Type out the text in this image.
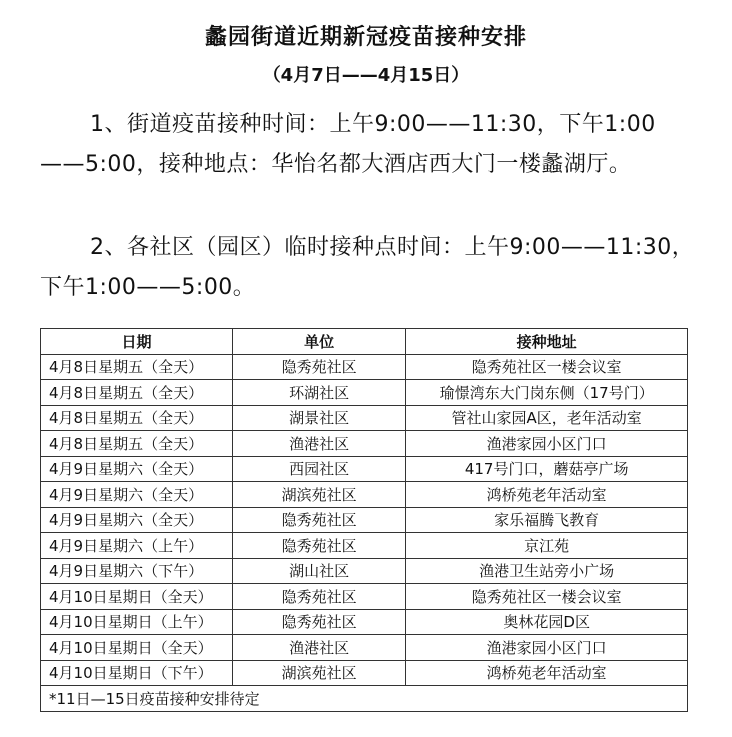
蠡园街道近期新冠疫苗接种安排
（4月7日——4月15日）
1、街道疫苗接种时间：上午9:00——11:30，下午1:00——5:00，接种地点：华怡名都大酒店西大门一楼蠡湖厅。
2、各社区（园区）临时接种点时间：上午9:00——11:30，下午1:00——5:00。
日期	单位	接种地址
4月8日星期五（全天）	隐秀苑社区	隐秀苑社区一楼会议室
4月8日星期五（全天）	环湖社区	瑜憬湾东大门岗东侧（17号门）
4月8日星期五（全天）	湖景社区	管社山家园A区，老年活动室
4月8日星期五（全天）	渔港社区	渔港家园小区门口
4月9日星期六（全天）	西园社区	417号门口，蘑菇亭广场
4月9日星期六（全天）	湖滨苑社区	鸿桥苑老年活动室
4月9日星期六（全天）	隐秀苑社区	家乐福腾飞教育
4月9日星期六（上午）	隐秀苑社区	京江苑
4月9日星期六（下午）	湖山社区	渔港卫生站旁小广场
4月10日星期日（全天）	隐秀苑社区	隐秀苑社区一楼会议室
4月10日星期日（上午）	隐秀苑社区	奥林花园D区
4月10日星期日（全天）	渔港社区	渔港家园小区门口
4月10日星期日（下午）	湖滨苑社区	鸿桥苑老年活动室
*11日—15日疫苗接种安排待定		
